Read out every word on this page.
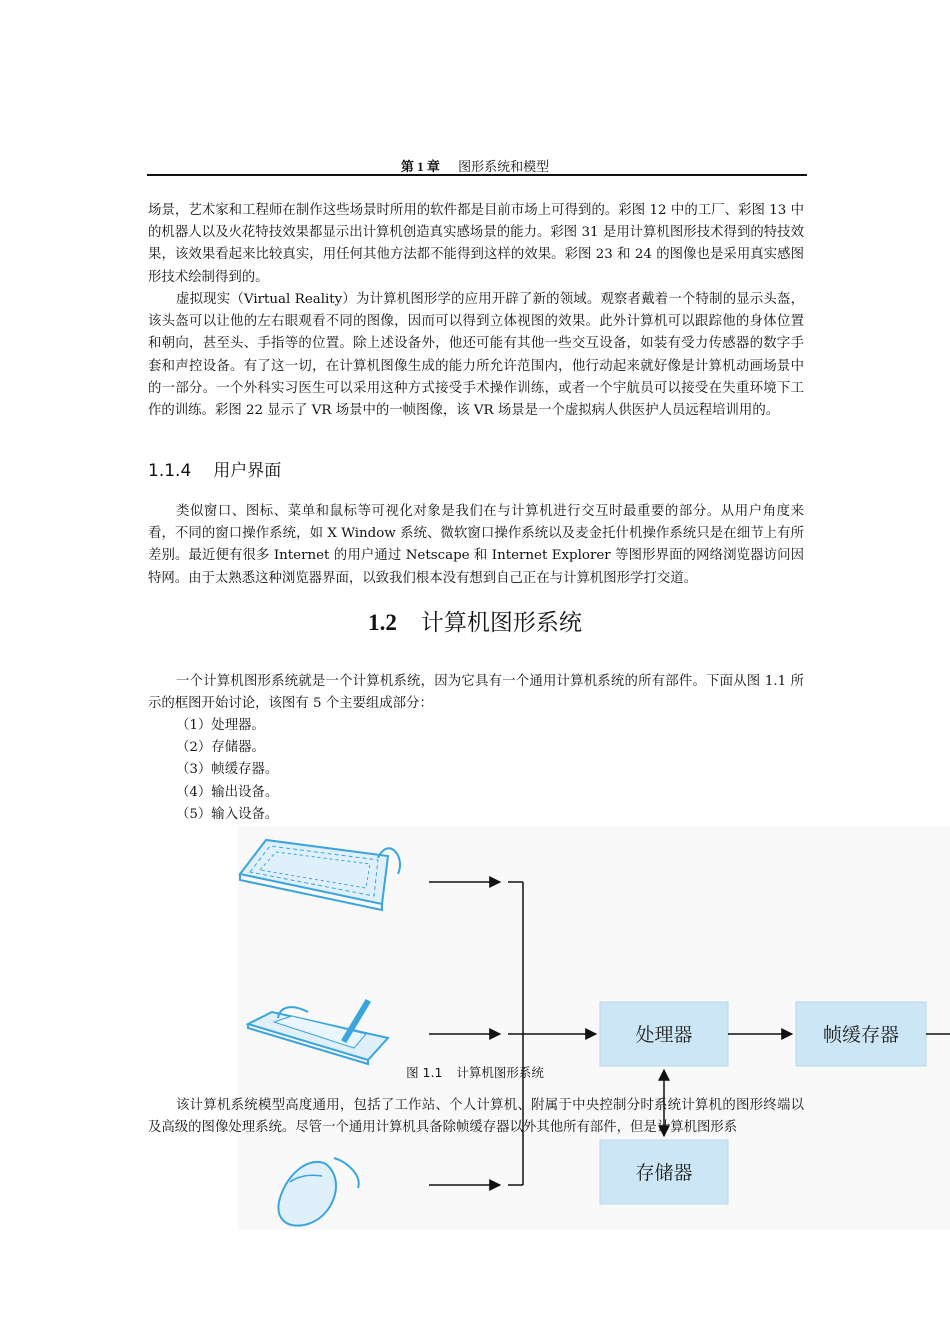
第 1 章 图形系统和模型

场景，艺术家和工程师在制作这些场景时所用的软件都是目前市场上可得到的。彩图 12 中的工厂、彩图 13 中的机器人以及火花特技效果都显示出计算机创造真实感场景的能力。彩图 31 是用计算机图形技术得到的特技效果，该效果看起来比较真实，用任何其他方法都不能得到这样的效果。彩图 23 和 24 的图像也是采用真实感图形技术绘制得到的。

虚拟现实（Virtual Reality）为计算机图形学的应用开辟了新的领域。观察者戴着一个特制的显示头盔，该头盔可以让他的左右眼观看不同的图像，因而可以得到立体视图的效果。此外计算机可以跟踪他的身体位置和朝向，甚至头、手指等的位置。除上述设备外，他还可能有其他一些交互设备，如装有受力传感器的数字手套和声控设备。有了这一切，在计算机图像生成的能力所允许范围内，他行动起来就好像是计算机动画场景中的一部分。一个外科实习医生可以采用这种方式接受手术操作训练，或者一个宇航员可以接受在失重环境下工作的训练。彩图 22 显示了 VR 场景中的一帧图像，该 VR 场景是一个虚拟病人供医护人员远程培训用的。

1.1.4 用户界面

类似窗口、图标、菜单和鼠标等可视化对象是我们在与计算机进行交互时最重要的部分。从用户角度来看，不同的窗口操作系统，如 X Window 系统、微软窗口操作系统以及麦金托什机操作系统只是在细节上有所差别。最近便有很多 Internet 的用户通过 Netscape 和 Internet Explorer 等图形界面的网络浏览器访问因特网。由于太熟悉这种浏览器界面，以致我们根本没有想到自己正在与计算机图形学打交道。

1.2 计算机图形系统

一个计算机图形系统就是一个计算机系统，因为它具有一个通用计算机系统的所有部件。下面从图 1.1 所示的框图开始讨论，该图有 5 个主要组成部分：

（1）处理器。
（2）存储器。
（3）帧缓存器。
（4）输出设备。
（5）输入设备。
处理器	帧缓存器
存储器
图 1.1 计算机图形系统

该计算机系统模型高度通用，包括了工作站、个人计算机、附属于中央控制分时系统计算机的图形终端以及高级的图像处理系统。尽管一个通用计算机具备除帧缓存器以外其他所有部件，但是计算机图形系
